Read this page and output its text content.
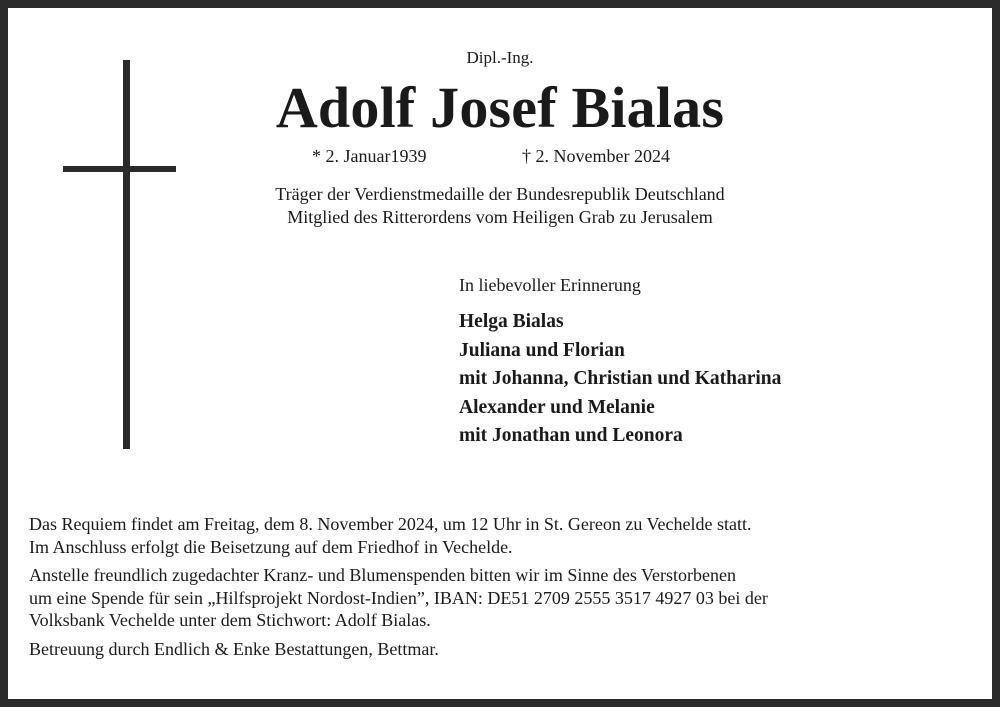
Dipl.-Ing.
Adolf Josef Bialas
* 2. Januar1939	† 2. November 2024
Träger der Verdienstmedaille der Bundesrepublik Deutschland
Mitglied des Ritterordens vom Heiligen Grab zu Jerusalem
In liebevoller Erinnerung
Helga Bialas
Juliana und Florian
mit Johanna, Christian und Katharina
Alexander und Melanie
mit Jonathan und Leonora
Das Requiem findet am Freitag, dem 8. November 2024, um 12 Uhr in St. Gereon zu Vechelde statt.
Im Anschluss erfolgt die Beisetzung auf dem Friedhof in Vechelde.
Anstelle freundlich zugedachter Kranz- und Blumenspenden bitten wir im Sinne des Verstorbenen
um eine Spende für sein „Hilfsprojekt Nordost-Indien”, IBAN: DE51 2709 2555 3517 4927 03 bei der
Volksbank Vechelde unter dem Stichwort: Adolf Bialas.
Betreuung durch Endlich & Enke Bestattungen, Bettmar.
